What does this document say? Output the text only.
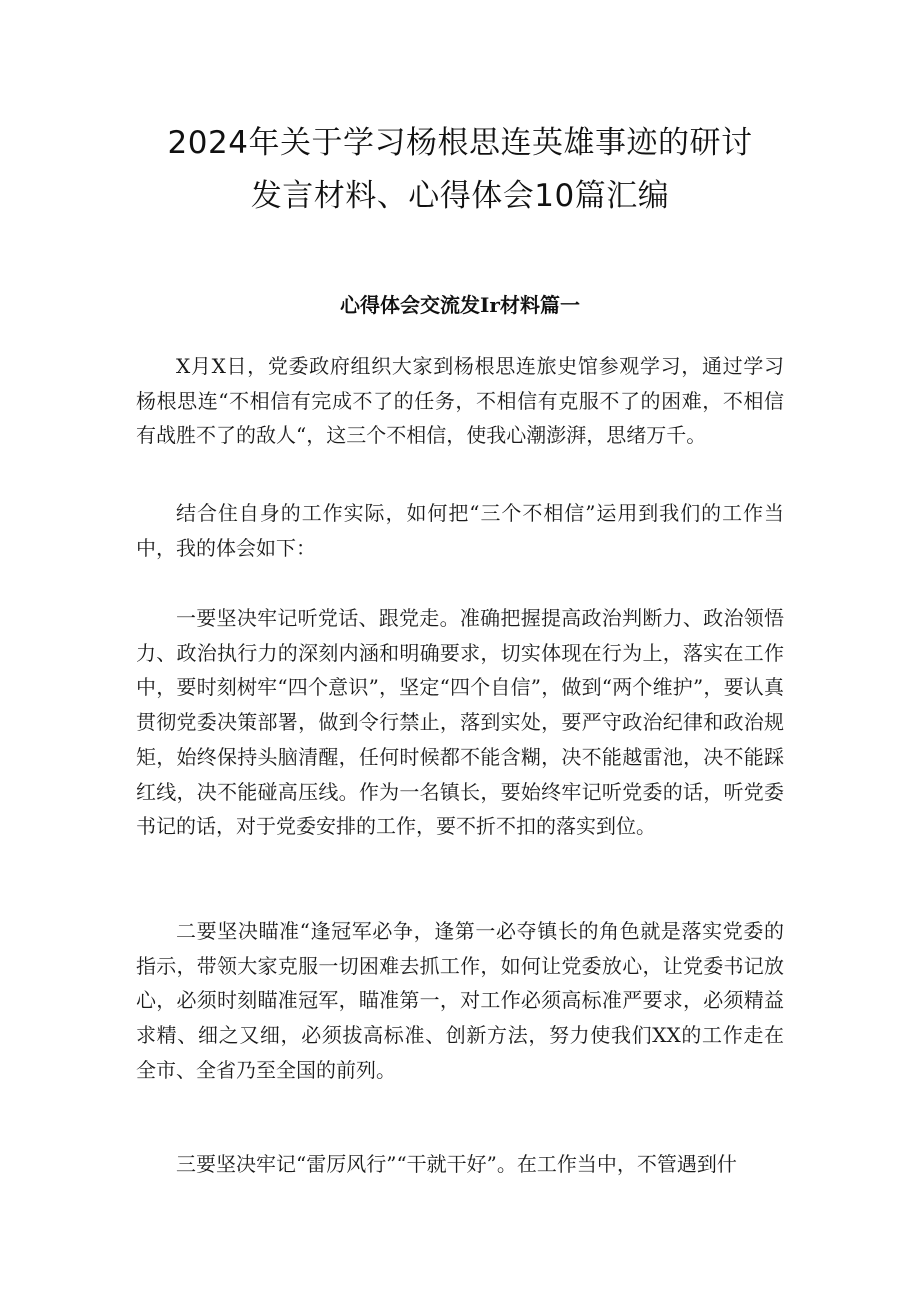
2024年关于学习杨根思连英雄事迹的研讨
发言材料、心得体会10篇汇编
心得体会交流发Ir材料篇一

X月X日，党委政府组织大家到杨根思连旅史馆参观学习，通过学习杨根思连“不相信有完成不了的任务，不相信有克服不了的困难，不相信有战胜不了的敌人“，这三个不相信，使我心潮澎湃，思绪万千。

结合住自身的工作实际，如何把“三个不相信”运用到我们的工作当中，我的体会如下：

一要坚决牢记听党话、跟党走。准确把握提高政治判断力、政治领悟力、政治执行力的深刻内涵和明确要求，切实体现在行为上，落实在工作中，要时刻树牢“四个意识”，坚定“四个自信”，做到“两个维护”，要认真贯彻党委决策部署，做到令行禁止，落到实处，要严守政治纪律和政治规矩，始终保持头脑清醒，任何时候都不能含糊，决不能越雷池，决不能踩红线，决不能碰高压线。作为一名镇长，要始终牢记听党委的话，听党委书记的话，对于党委安排的工作，要不折不扣的落实到位。

二要坚决瞄准“逢冠军必争，逢第一必夺镇长的角色就是落实党委的指示，带领大家克服一切困难去抓工作，如何让党委放心，让党委书记放心，必须时刻瞄准冠军，瞄准第一，对工作必须高标准严要求，必须精益求精、细之又细，必须拔高标准、创新方法，努力使我们XX的工作走在全市、全省乃至全国的前列。

三要坚决牢记“雷厉风行”“干就干好”。在工作当中，不管遇到什
